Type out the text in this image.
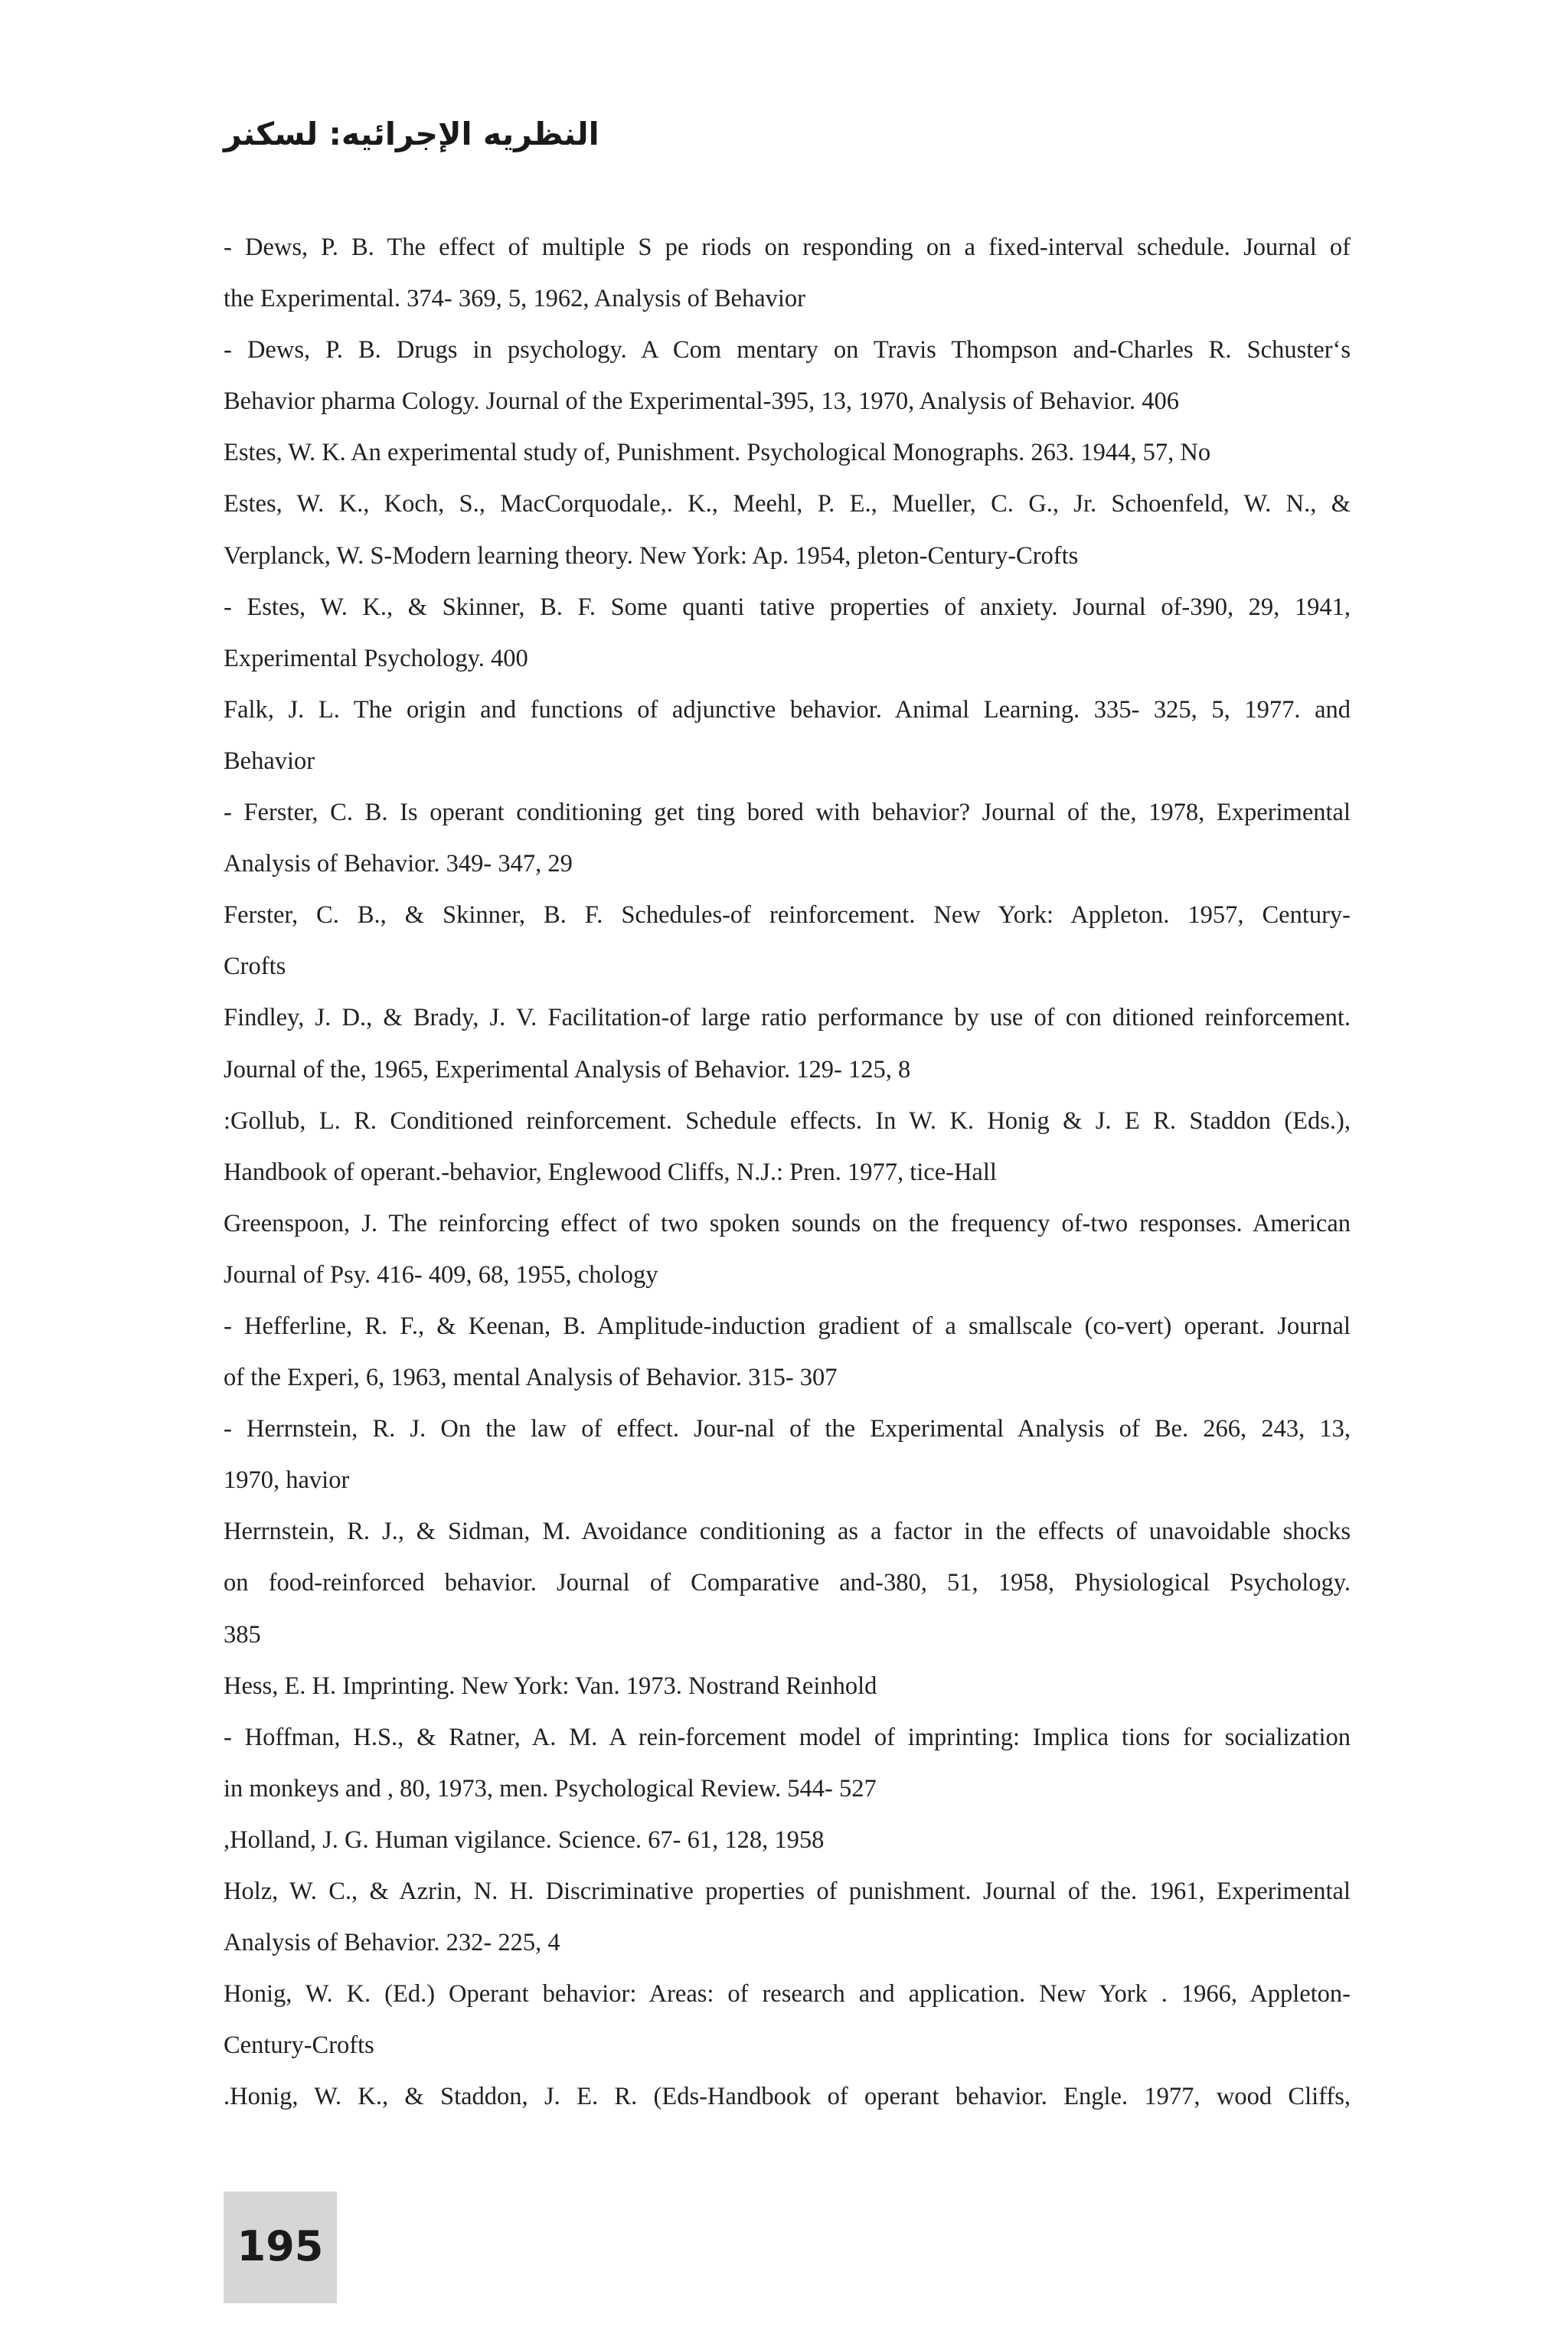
النظريه الإجرائيه: لسكنر
- Dews, P. B. The effect of multiple S pe riods on responding on a fixed-interval schedule. Journal of
the Experimental. 374- 369, 5, 1962, Analysis of Behavior
- Dews, P. B. Drugs in psychology. A Com mentary on Travis Thompson and-Charles R. Schuster‘s
Behavior pharma Cology. Journal of the Experimental-395, 13, 1970, Analysis of Behavior. 406
Estes, W. K. An experimental study of, Punishment. Psychological Monographs. 263. 1944, 57, No
Estes, W. K., Koch, S., MacCorquodale,. K., Meehl, P. E., Mueller, C. G., Jr. Schoenfeld, W. N., &
Verplanck, W. S-Modern learning theory. New York: Ap. 1954, pleton-Century-Crofts
- Estes, W. K., & Skinner, B. F. Some quanti tative properties of anxiety. Journal of-390, 29, 1941,
Experimental Psychology. 400
Falk, J. L. The origin and functions of adjunctive behavior. Animal Learning. 335- 325, 5, 1977. and
Behavior
- Ferster, C. B. Is operant conditioning get ting bored with behavior? Journal of the, 1978, Experimental
Analysis of Behavior. 349- 347, 29
Ferster, C. B., & Skinner, B. F. Schedules-of reinforcement. New York: Appleton. 1957, Century-
Crofts
Findley, J. D., & Brady, J. V. Facilitation-of large ratio performance by use of con ditioned reinforcement.
Journal of the, 1965, Experimental Analysis of Behavior. 129- 125, 8
:Gollub, L. R. Conditioned reinforcement. Schedule effects. In W. K. Honig & J. E R. Staddon (Eds.),
Handbook of operant.-behavior, Englewood Cliffs, N.J.: Pren. 1977, tice-Hall
Greenspoon, J. The reinforcing effect of two spoken sounds on the frequency of-two responses. American
Journal of Psy. 416- 409, 68, 1955, chology
- Hefferline, R. F., & Keenan, B. Amplitude-induction gradient of a smallscale (co-vert) operant. Journal
of the Experi, 6, 1963, mental Analysis of Behavior. 315- 307
- Herrnstein, R. J. On the law of effect. Jour-nal of the Experimental Analysis of Be. 266, 243, 13,
1970, havior
Herrnstein, R. J., & Sidman, M. Avoidance conditioning as a factor in the effects of unavoidable shocks
on food-reinforced behavior. Journal of Comparative and-380, 51, 1958, Physiological Psychology.
385
Hess, E. H. Imprinting. New York: Van. 1973. Nostrand Reinhold
- Hoffman, H.S., & Ratner, A. M. A rein-forcement model of imprinting: Implica tions for socialization
in monkeys and , 80, 1973, men. Psychological Review. 544- 527
,Holland, J. G. Human vigilance. Science. 67- 61, 128, 1958
Holz, W. C., & Azrin, N. H. Discriminative properties of punishment. Journal of the. 1961, Experimental
Analysis of Behavior. 232- 225, 4
Honig, W. K. (Ed.) Operant behavior: Areas: of research and application. New York . 1966, Appleton-
Century-Crofts
.Honig, W. K., & Staddon, J. E. R. (Eds-Handbook of operant behavior. Engle. 1977, wood Cliffs,
195
